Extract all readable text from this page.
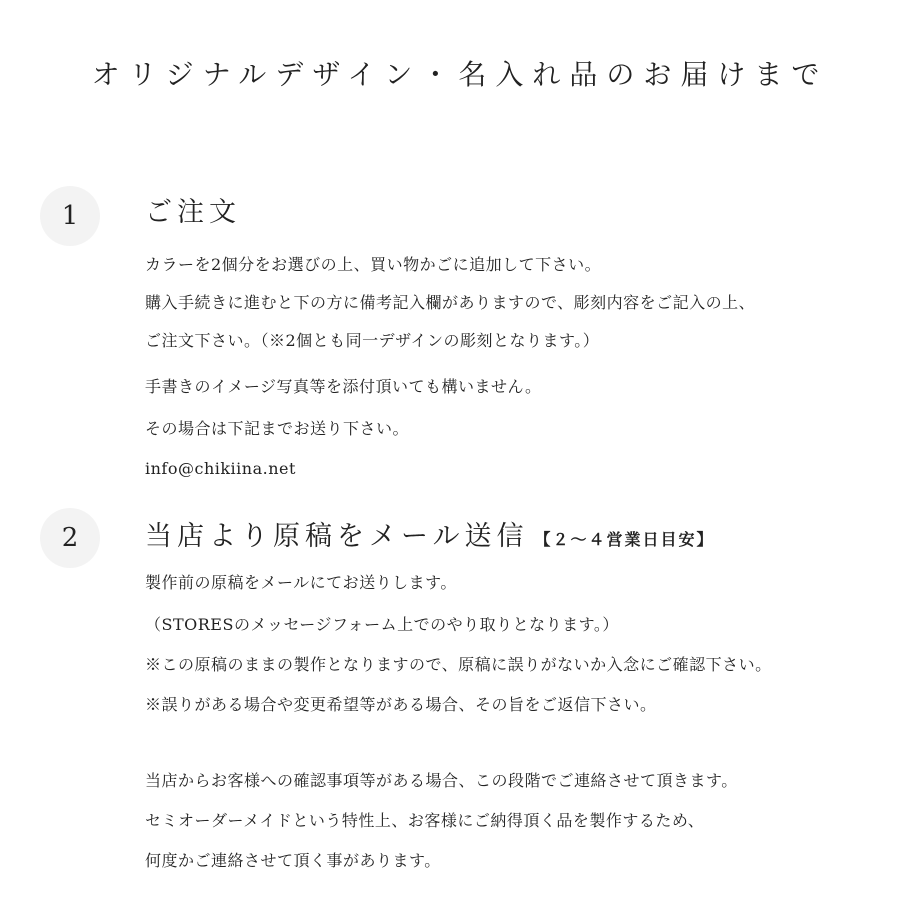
オリジナルデザイン・名入れ品のお届けまで
1	ご注文
カラーを2個分をお選びの上、買い物かごに追加して下さい。
購入手続きに進むと下の方に備考記入欄がありますので、彫刻内容をご記入の上、
ご注文下さい。（※2個とも同一デザインの彫刻となります。）
手書きのイメージ写真等を添付頂いても構いません。
その場合は下記までお送り下さい。
info@chikiina.net
2	当店より原稿をメール送信 【２～４営業日目安】
製作前の原稿をメールにてお送りします。
（STORESのメッセージフォーム上でのやり取りとなります。）
※この原稿のままの製作となりますので、原稿に誤りがないか入念にご確認下さい。
※誤りがある場合や変更希望等がある場合、その旨をご返信下さい。
当店からお客様への確認事項等がある場合、この段階でご連絡させて頂きます。
セミオーダーメイドという特性上、お客様にご納得頂く品を製作するため、
何度かご連絡させて頂く事があります。
